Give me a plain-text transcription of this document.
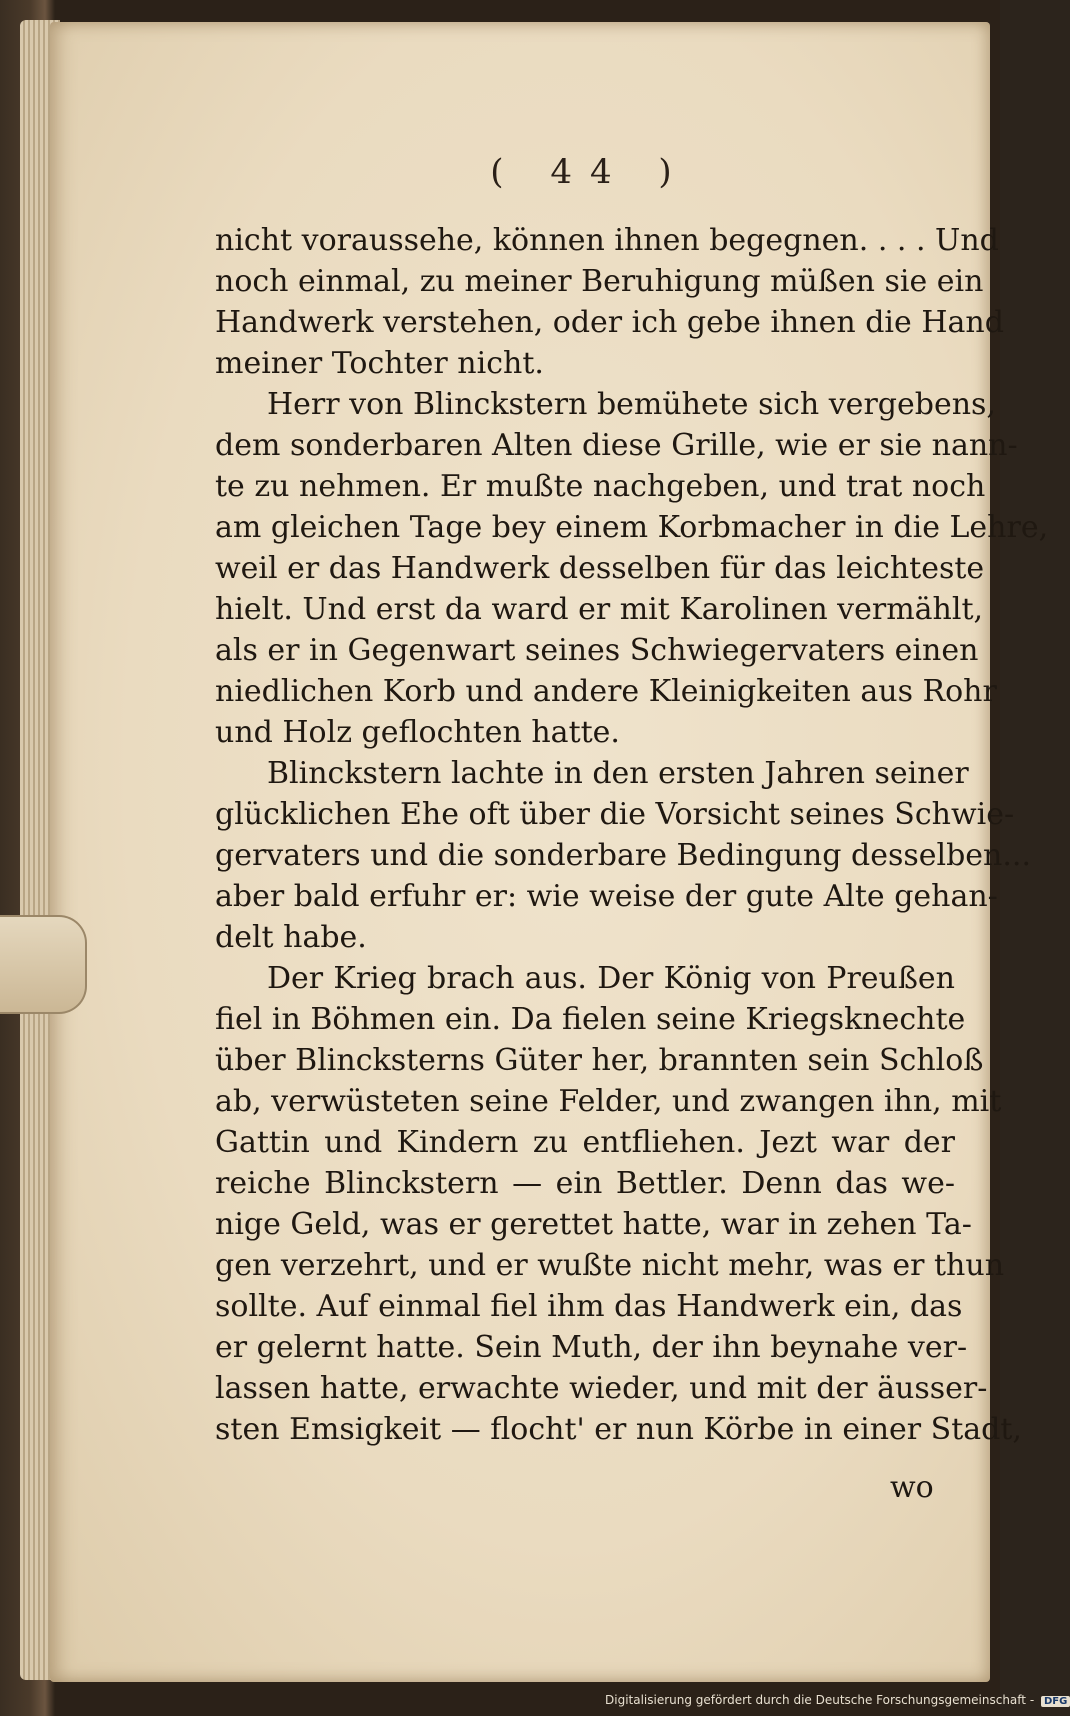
( 44 )
nicht voraussehe, können ihnen begegnen. . . . Und
noch einmal, zu meiner Beruhigung müßen sie ein
Handwerk verstehen, oder ich gebe ihnen die Hand
meiner Tochter nicht.
Herr von Blinckstern bemühete sich vergebens,
dem sonderbaren Alten diese Grille, wie er sie nann-
te zu nehmen. Er mußte nachgeben, und trat noch
am gleichen Tage bey einem Korbmacher in die Lehre,
weil er das Handwerk desselben für das leichteste
hielt. Und erst da ward er mit Karolinen vermählt,
als er in Gegenwart seines Schwiegervaters einen
niedlichen Korb und andere Kleinigkeiten aus Rohr
und Holz geflochten hatte.
Blinckstern lachte in den ersten Jahren seiner
glücklichen Ehe oft über die Vorsicht seines Schwie-
gervaters und die sonderbare Bedingung desselben...
aber bald erfuhr er: wie weise der gute Alte gehan-
delt habe.
Der Krieg brach aus. Der König von Preußen
fiel in Böhmen ein. Da fielen seine Kriegsknechte
über Blincksterns Güter her, brannten sein Schloß
ab, verwüsteten seine Felder, und zwangen ihn, mit
Gattin und Kindern zu entfliehen. Jezt war der
reiche Blinckstern — ein Bettler. Denn das we-
nige Geld, was er gerettet hatte, war in zehen Ta-
gen verzehrt, und er wußte nicht mehr, was er thun
sollte. Auf einmal fiel ihm das Handwerk ein, das
er gelernt hatte. Sein Muth, der ihn beynahe ver-
lassen hatte, erwachte wieder, und mit der äusser-
sten Emsigkeit — flocht' er nun Körbe in einer Stadt,
wo
Digitalisierung gefördert durch die Deutsche Forschungsgemeinschaft - DFG
